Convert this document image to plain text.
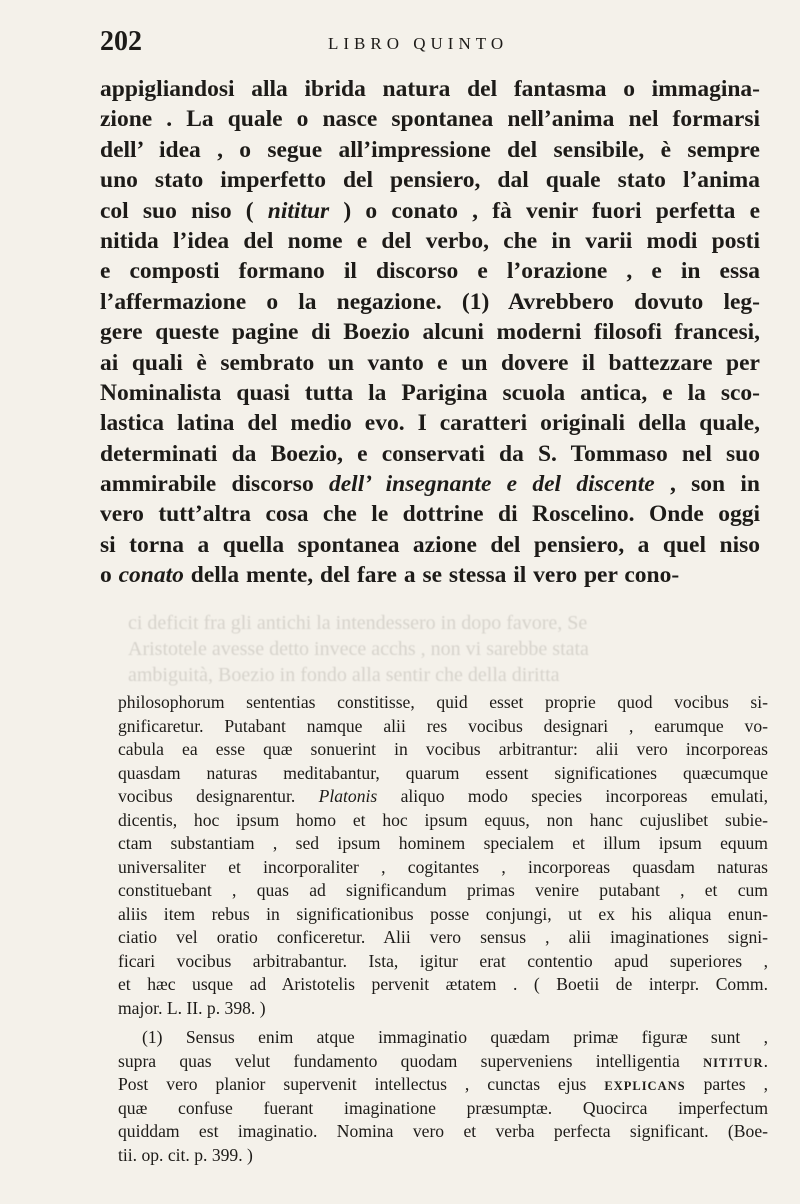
202	LIBRO QUINTO
appigliandosi alla ibrida natura del fantasma o immagina-
zione . La quale o nasce spontanea nell’anima nel formarsi
dell’ idea , o segue all’impressione del sensibile, è sempre
uno stato imperfetto del pensiero, dal quale stato l’anima
col suo niso ( nititur ) o conato , fà venir fuori perfetta e
nitida l’idea del nome e del verbo, che in varii modi posti
e composti formano il discorso e l’orazione , e in essa
l’affermazione o la negazione. (1) Avrebbero dovuto leg-
gere queste pagine di Boezio alcuni moderni filosofi francesi,
ai quali è sembrato un vanto e un dovere il battezzare per
Nominalista quasi tutta la Parigina scuola antica, e la sco-
lastica latina del medio evo. I caratteri originali della quale,
determinati da Boezio, e conservati da S. Tommaso nel suo
ammirabile discorso dell’ insegnante e del discente , son in
vero tutt’altra cosa che le dottrine di Roscelino. Onde oggi
si torna a quella spontanea azione del pensiero, a quel niso
o conato della mente, del fare a se stessa il vero per cono-
ci deficit fra gli antichi la intendessero in dopo favore, Se
Aristotele avesse detto invece acchs , non vi sarebbe stata
ambiguità, Boezio in fondo alla sentir che della diritta
philosophorum sententias constitisse, quid esset proprie quod vocibus si-
gnificaretur. Putabant namque alii res vocibus designari , earumque vo-
cabula ea esse quæ sonuerint in vocibus arbitrantur: alii vero incorporeas
quasdam naturas meditabantur, quarum essent significationes quæcumque
vocibus designarentur. Platonis aliquo modo species incorporeas emulati,
dicentis, hoc ipsum homo et hoc ipsum equus, non hanc cujuslibet subie-
ctam substantiam , sed ipsum hominem specialem et illum ipsum equum
universaliter et incorporaliter , cogitantes , incorporeas quasdam naturas
constituebant , quas ad significandum primas venire putabant , et cum
aliis item rebus in significationibus posse conjungi, ut ex his aliqua enun-
ciatio vel oratio conficeretur. Alii vero sensus , alii imaginationes signi-
ficari vocibus arbitrabantur. Ista, igitur erat contentio apud superiores ,
et hæc usque ad Aristotelis pervenit ætatem . ( Boetii de interpr. Comm.
major. L. II. p. 398. )
(1) Sensus enim atque immaginatio quædam primæ figuræ sunt ,
supra quas velut fundamento quodam superveniens intelligentia NITITUR.
Post vero planior supervenit intellectus , cunctas ejus EXPLICANS partes ,
quæ confuse fuerant imaginatione præsumptæ. Quocirca imperfectum
quiddam est imaginatio. Nomina vero et verba perfecta significant. (Boe-
tii. op. cit. p. 399. )
